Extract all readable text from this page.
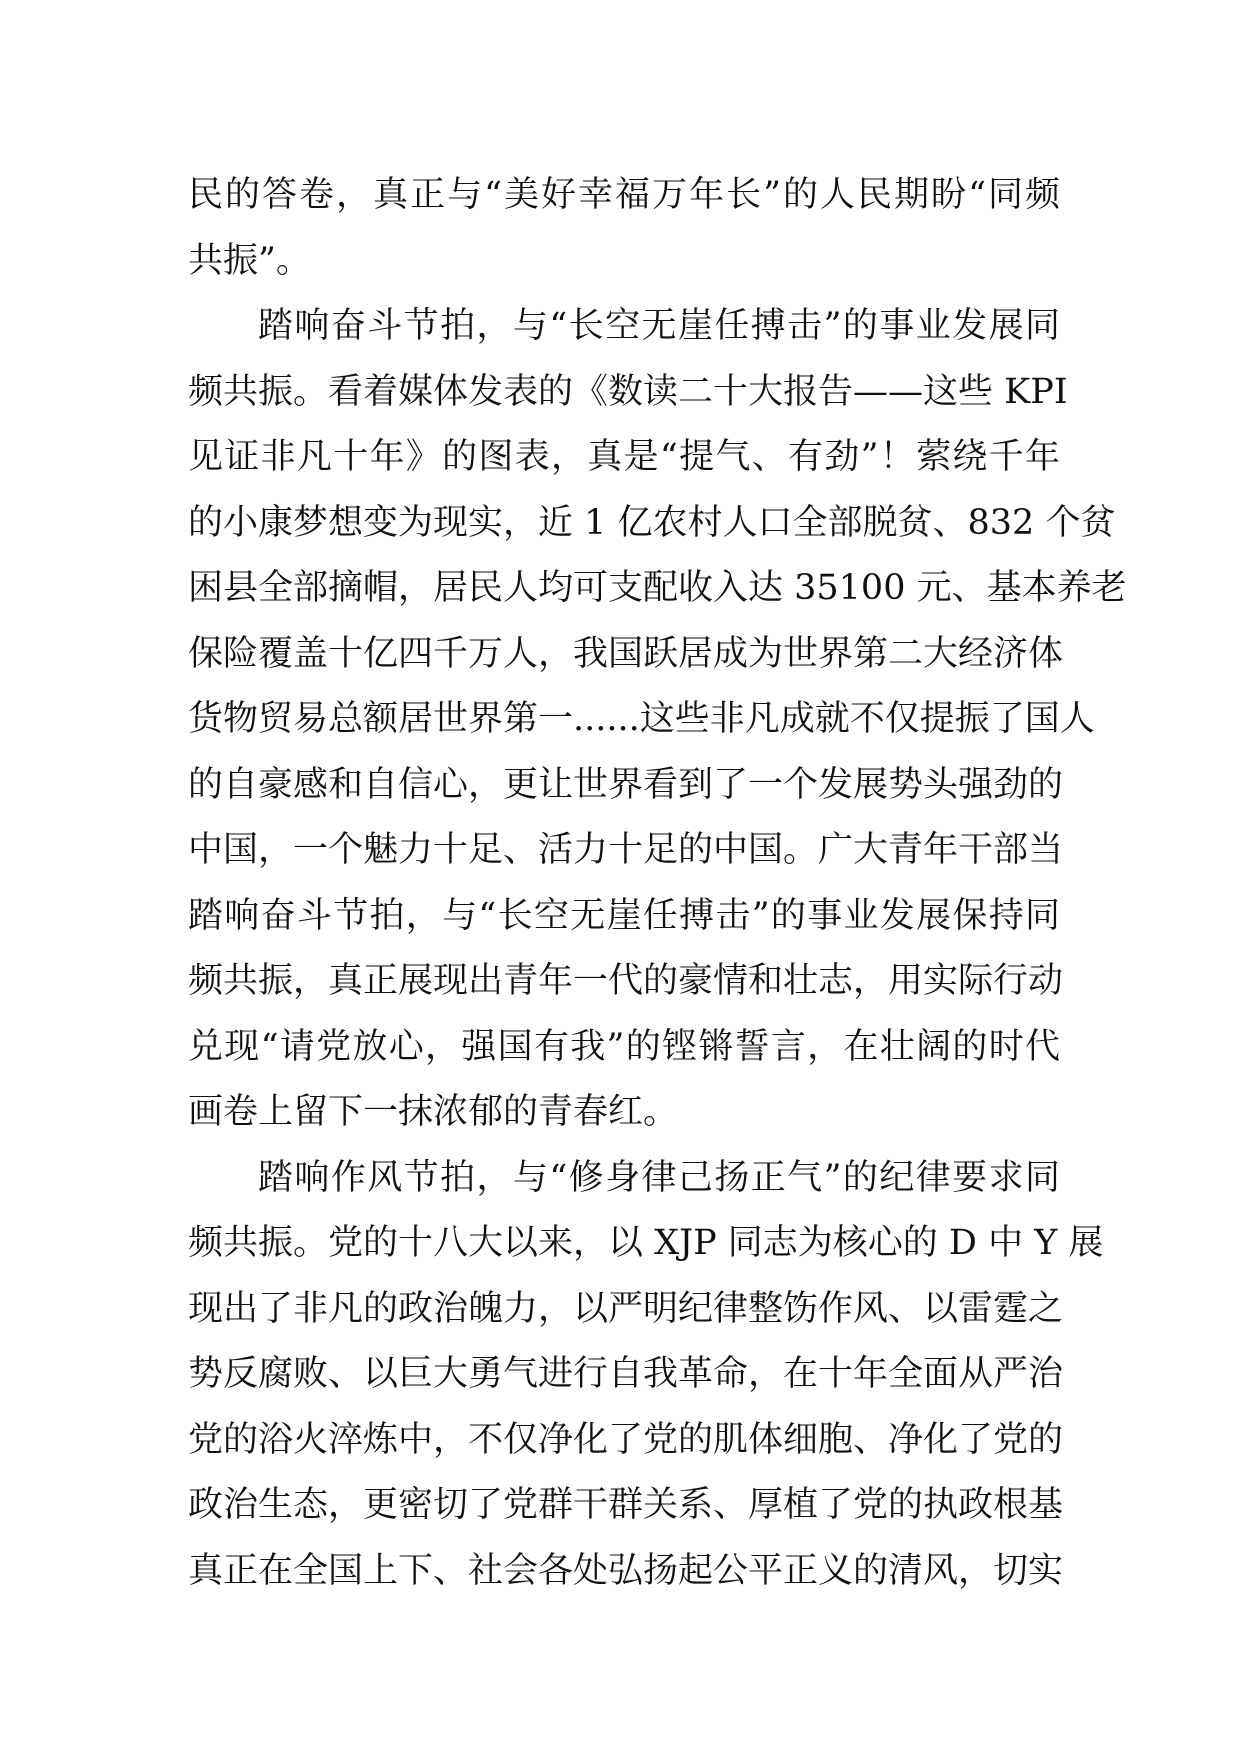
民的答卷，真正与“美好幸福万年长”的人民期盼“同频
共振”。
踏响奋斗节拍，与“长空无崖任搏击”的事业发展同
频共振。看着媒体发表的《数读二十大报告——这些 KPI
见证非凡十年》的图表，真是“提气、有劲”！萦绕千年
的小康梦想变为现实，近 1 亿农村人口全部脱贫、832 个贫
困县全部摘帽，居民人均可支配收入达 35100 元、基本养老
保险覆盖十亿四千万人，我国跃居成为世界第二大经济体
货物贸易总额居世界第一......这些非凡成就不仅提振了国人
的自豪感和自信心，更让世界看到了一个发展势头强劲的
中国，一个魅力十足、活力十足的中国。广大青年干部当
踏响奋斗节拍，与“长空无崖任搏击”的事业发展保持同
频共振，真正展现出青年一代的豪情和壮志，用实际行动
兑现“请党放心，强国有我”的铿锵誓言，在壮阔的时代
画卷上留下一抹浓郁的青春红。
踏响作风节拍，与“修身律己扬正气”的纪律要求同
频共振。党的十八大以来，以 XJP 同志为核心的 D 中 Y 展
现出了非凡的政治魄力，以严明纪律整饬作风、以雷霆之
势反腐败、以巨大勇气进行自我革命，在十年全面从严治
党的浴火淬炼中，不仅净化了党的肌体细胞、净化了党的
政治生态，更密切了党群干群关系、厚植了党的执政根基
真正在全国上下、社会各处弘扬起公平正义的清风，切实
